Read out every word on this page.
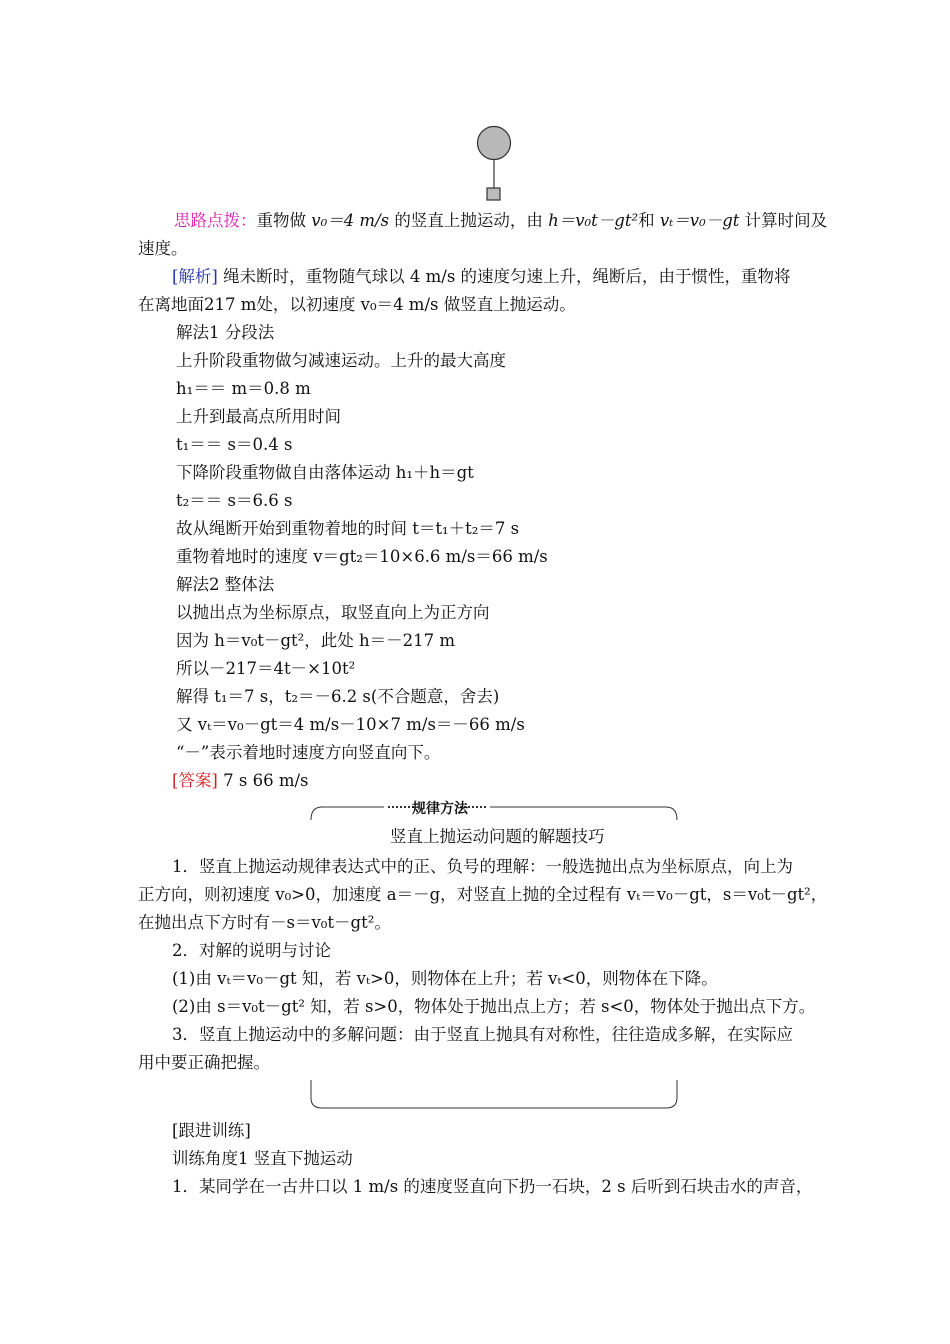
思路点拨：重物做 v₀＝4 m/s 的竖直上抛运动，由 h＝v₀t－gt²和 vₜ＝v₀－gt 计算时间及
速度。
[解析] 绳未断时，重物随气球以 4 m/s 的速度匀速上升，绳断后，由于惯性，重物将
在离地面217 m处，以初速度 v₀＝4 m/s 做竖直上抛运动。
解法1 分段法
上升阶段重物做匀减速运动。上升的最大高度
h₁＝＝ m＝0.8 m
上升到最高点所用时间
t₁＝＝ s＝0.4 s
下降阶段重物做自由落体运动 h₁＋h＝gt
t₂＝＝ s＝6.6 s
故从绳断开始到重物着地的时间 t＝t₁＋t₂＝7 s
重物着地时的速度 v＝gt₂＝10×6.6 m/s＝66 m/s
解法2 整体法
以抛出点为坐标原点，取竖直向上为正方向
因为 h＝v₀t－gt²，此处 h＝－217 m
所以－217＝4t－×10t²
解得 t₁＝7 s，t₂＝－6.2 s(不合题意，舍去)
又 vₜ＝v₀－gt＝4 m/s－10×7 m/s＝－66 m/s
“－”表示着地时速度方向竖直向下。
[答案] 7 s 66 m/s
规律方法
竖直上抛运动问题的解题技巧
1．竖直上抛运动规律表达式中的正、负号的理解：一般选抛出点为坐标原点，向上为
正方向，则初速度 v₀>0，加速度 a＝－g，对竖直上抛的全过程有 vₜ＝v₀－gt，s＝v₀t－gt²，
在抛出点下方时有－s＝v₀t－gt²。
2．对解的说明与讨论
(1)由 vₜ＝v₀－gt 知，若 vₜ>0，则物体在上升；若 vₜ<0，则物体在下降。
(2)由 s＝v₀t－gt² 知，若 s>0，物体处于抛出点上方；若 s<0，物体处于抛出点下方。
3．竖直上抛运动中的多解问题：由于竖直上抛具有对称性，往往造成多解，在实际应
用中要正确把握。
[跟进训练]
训练角度1 竖直下抛运动
1．某同学在一古井口以 1 m/s 的速度竖直向下扔一石块，2 s 后听到石块击水的声音，
